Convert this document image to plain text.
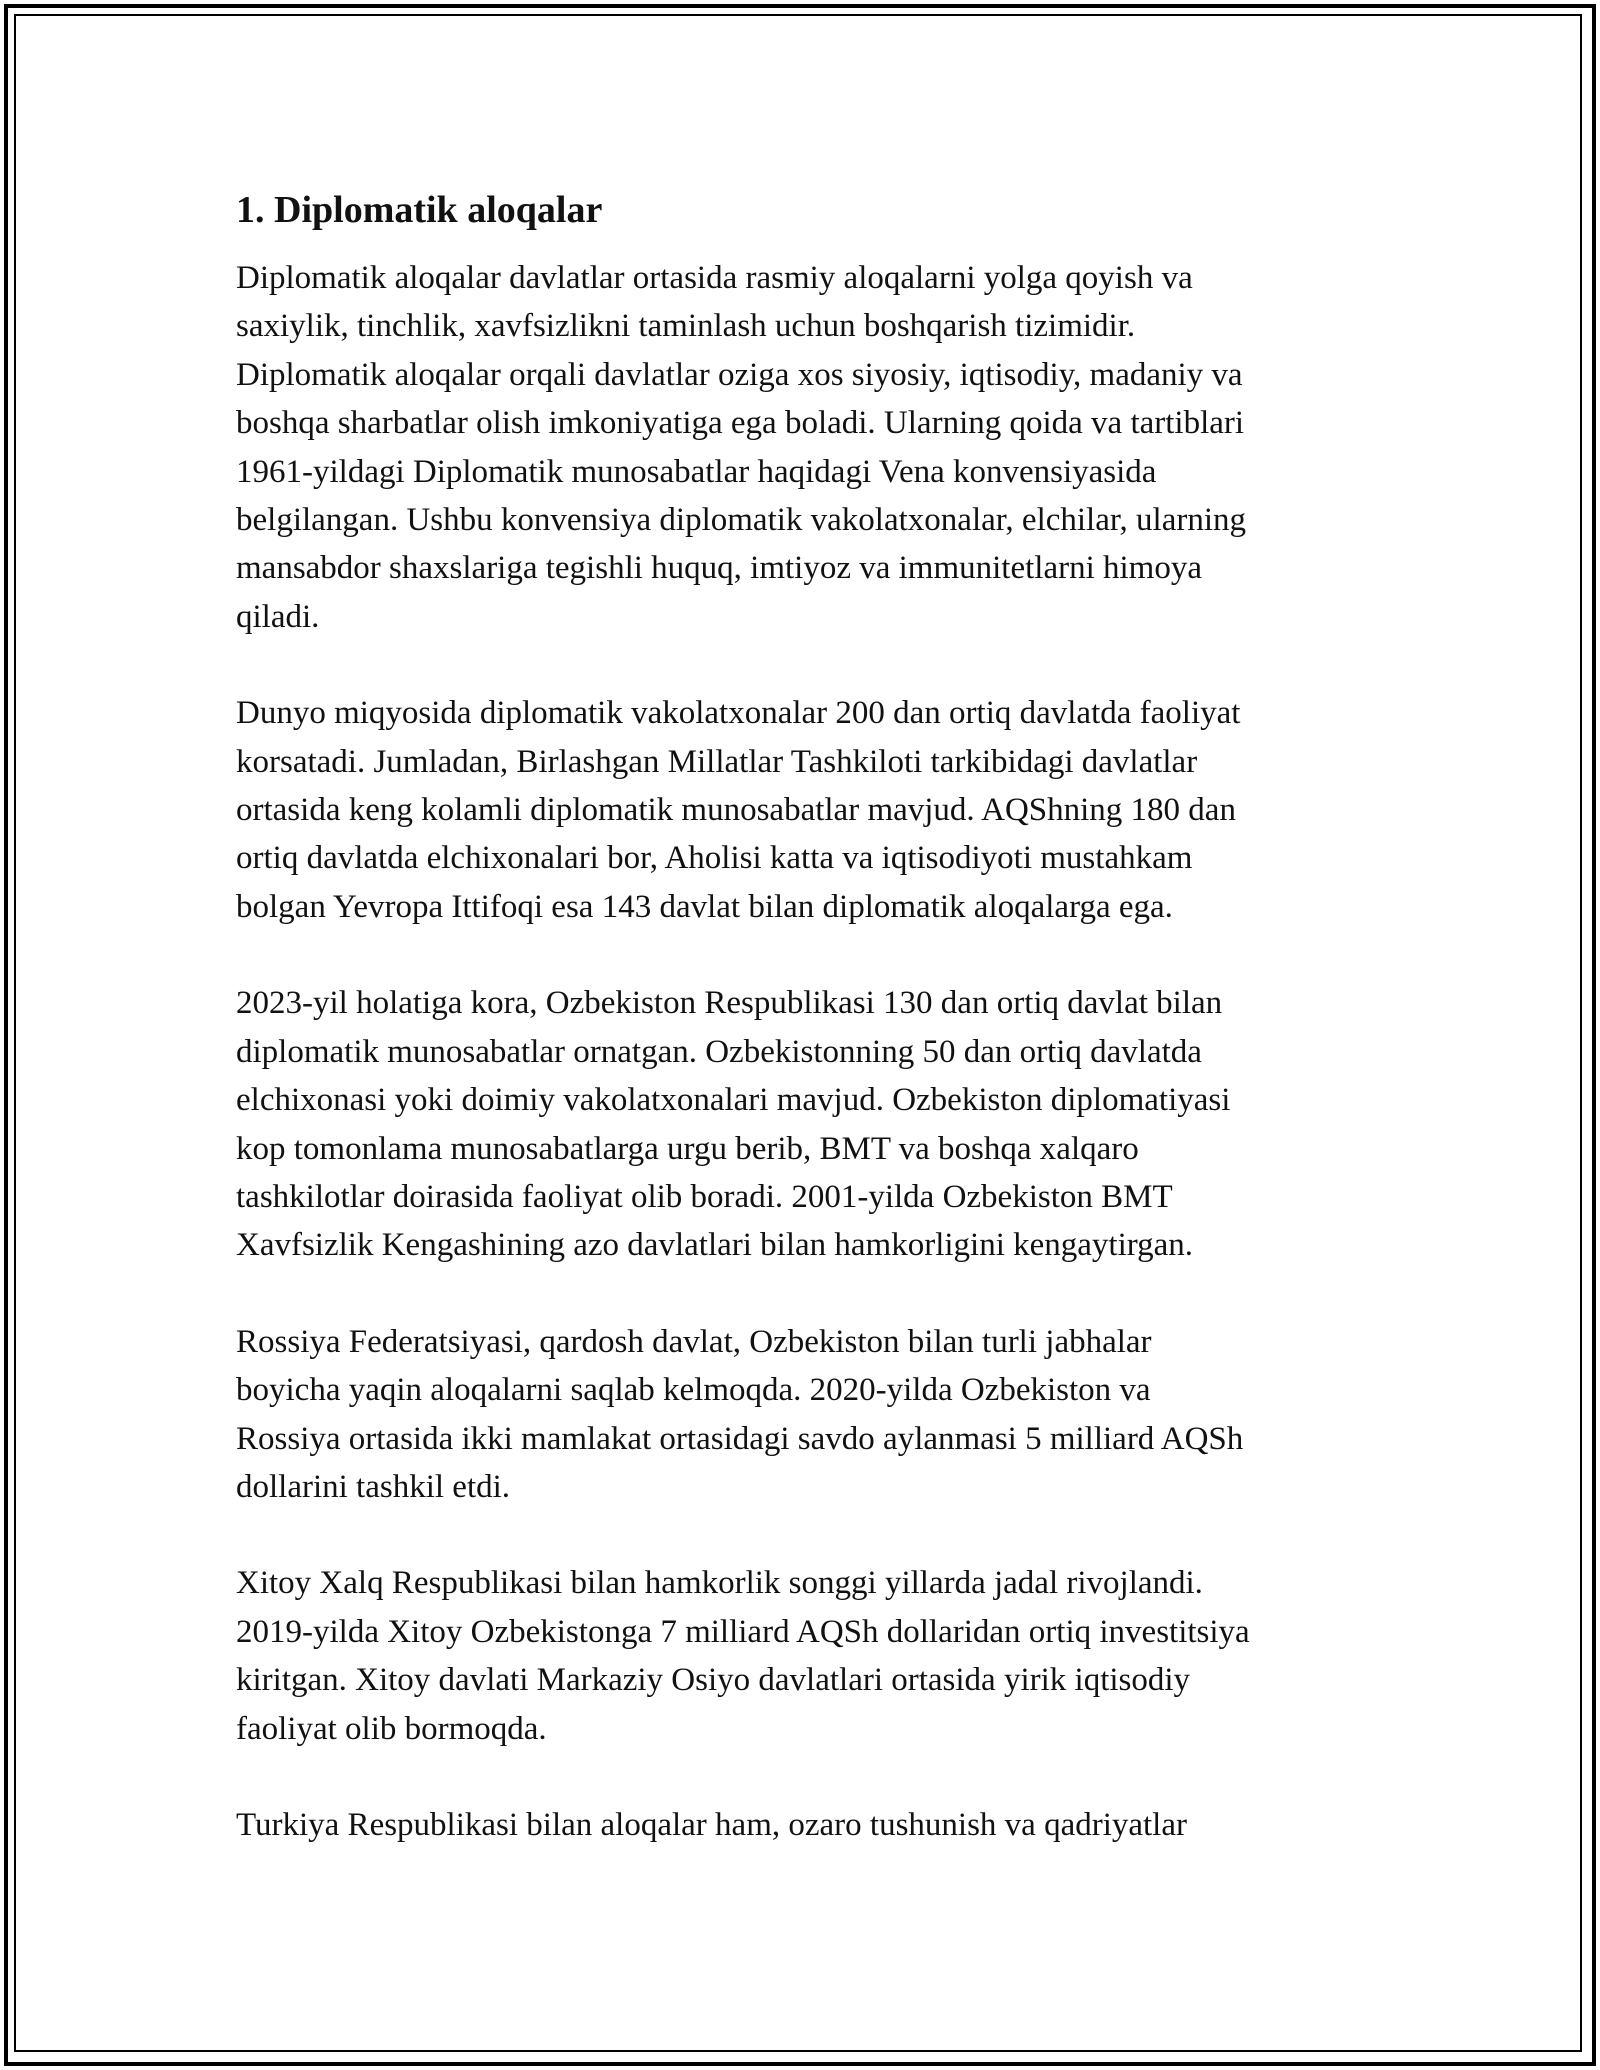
1. Diplomatik aloqalar
Diplomatik aloqalar davlatlar ortasida rasmiy aloqalarni yolga qoyish va
saxiylik, tinchlik, xavfsizlikni taminlash uchun boshqarish tizimidir.
Diplomatik aloqalar orqali davlatlar oziga xos siyosiy, iqtisodiy, madaniy va
boshqa sharbatlar olish imkoniyatiga ega boladi. Ularning qoida va tartiblari
1961-yildagi Diplomatik munosabatlar haqidagi Vena konvensiyasida
belgilangan. Ushbu konvensiya diplomatik vakolatxonalar, elchilar, ularning
mansabdor shaxslariga tegishli huquq, imtiyoz va immunitetlarni himoya
qiladi.
Dunyo miqyosida diplomatik vakolatxonalar 200 dan ortiq davlatda faoliyat
korsatadi. Jumladan, Birlashgan Millatlar Tashkiloti tarkibidagi davlatlar
ortasida keng kolamli diplomatik munosabatlar mavjud. AQShning 180 dan
ortiq davlatda elchixonalari bor, Aholisi katta va iqtisodiyoti mustahkam
bolgan Yevropa Ittifoqi esa 143 davlat bilan diplomatik aloqalarga ega.
2023-yil holatiga kora, Ozbekiston Respublikasi 130 dan ortiq davlat bilan
diplomatik munosabatlar ornatgan. Ozbekistonning 50 dan ortiq davlatda
elchixonasi yoki doimiy vakolatxonalari mavjud. Ozbekiston diplomatiyasi
kop tomonlama munosabatlarga urgu berib, BMT va boshqa xalqaro
tashkilotlar doirasida faoliyat olib boradi. 2001-yilda Ozbekiston BMT
Xavfsizlik Kengashining azo davlatlari bilan hamkorligini kengaytirgan.
Rossiya Federatsiyasi, qardosh davlat, Ozbekiston bilan turli jabhalar
boyicha yaqin aloqalarni saqlab kelmoqda. 2020-yilda Ozbekiston va
Rossiya ortasida ikki mamlakat ortasidagi savdo aylanmasi 5 milliard AQSh
dollarini tashkil etdi.
Xitoy Xalq Respublikasi bilan hamkorlik songgi yillarda jadal rivojlandi.
2019-yilda Xitoy Ozbekistonga 7 milliard AQSh dollaridan ortiq investitsiya
kiritgan. Xitoy davlati Markaziy Osiyo davlatlari ortasida yirik iqtisodiy
faoliyat olib bormoqda.
Turkiya Respublikasi bilan aloqalar ham, ozaro tushunish va qadriyatlar
